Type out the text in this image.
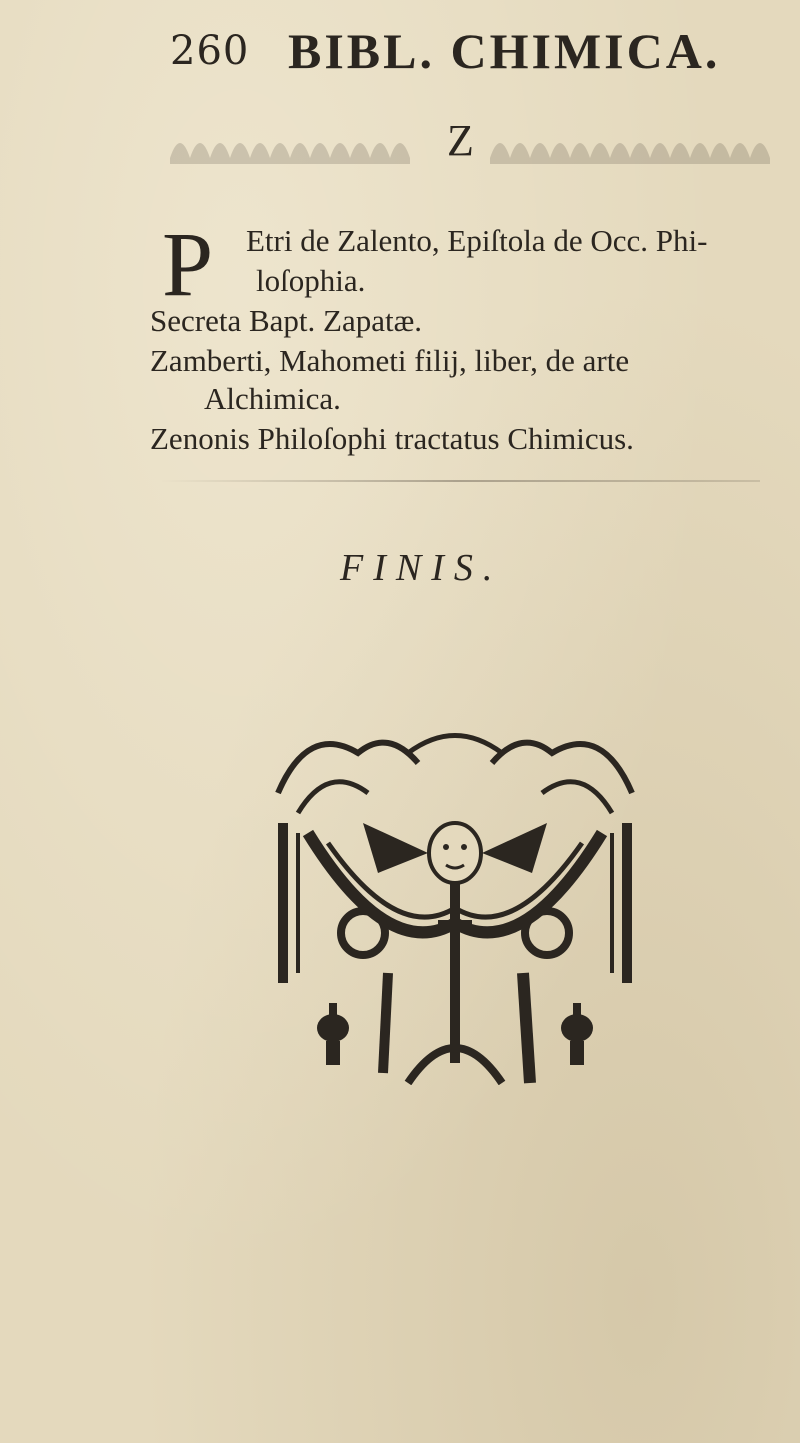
260 BIBL. CHIMICA.
Z
P Etri de Zalento, Epiſtola de Occ. Phi-
loſophia.
Secreta Bapt. Zapatæ.
Zamberti, Mahometi filij, liber, de arte
Alchimica.
Zenonis Philoſophi tractatus Chimicus.
FINIS.
